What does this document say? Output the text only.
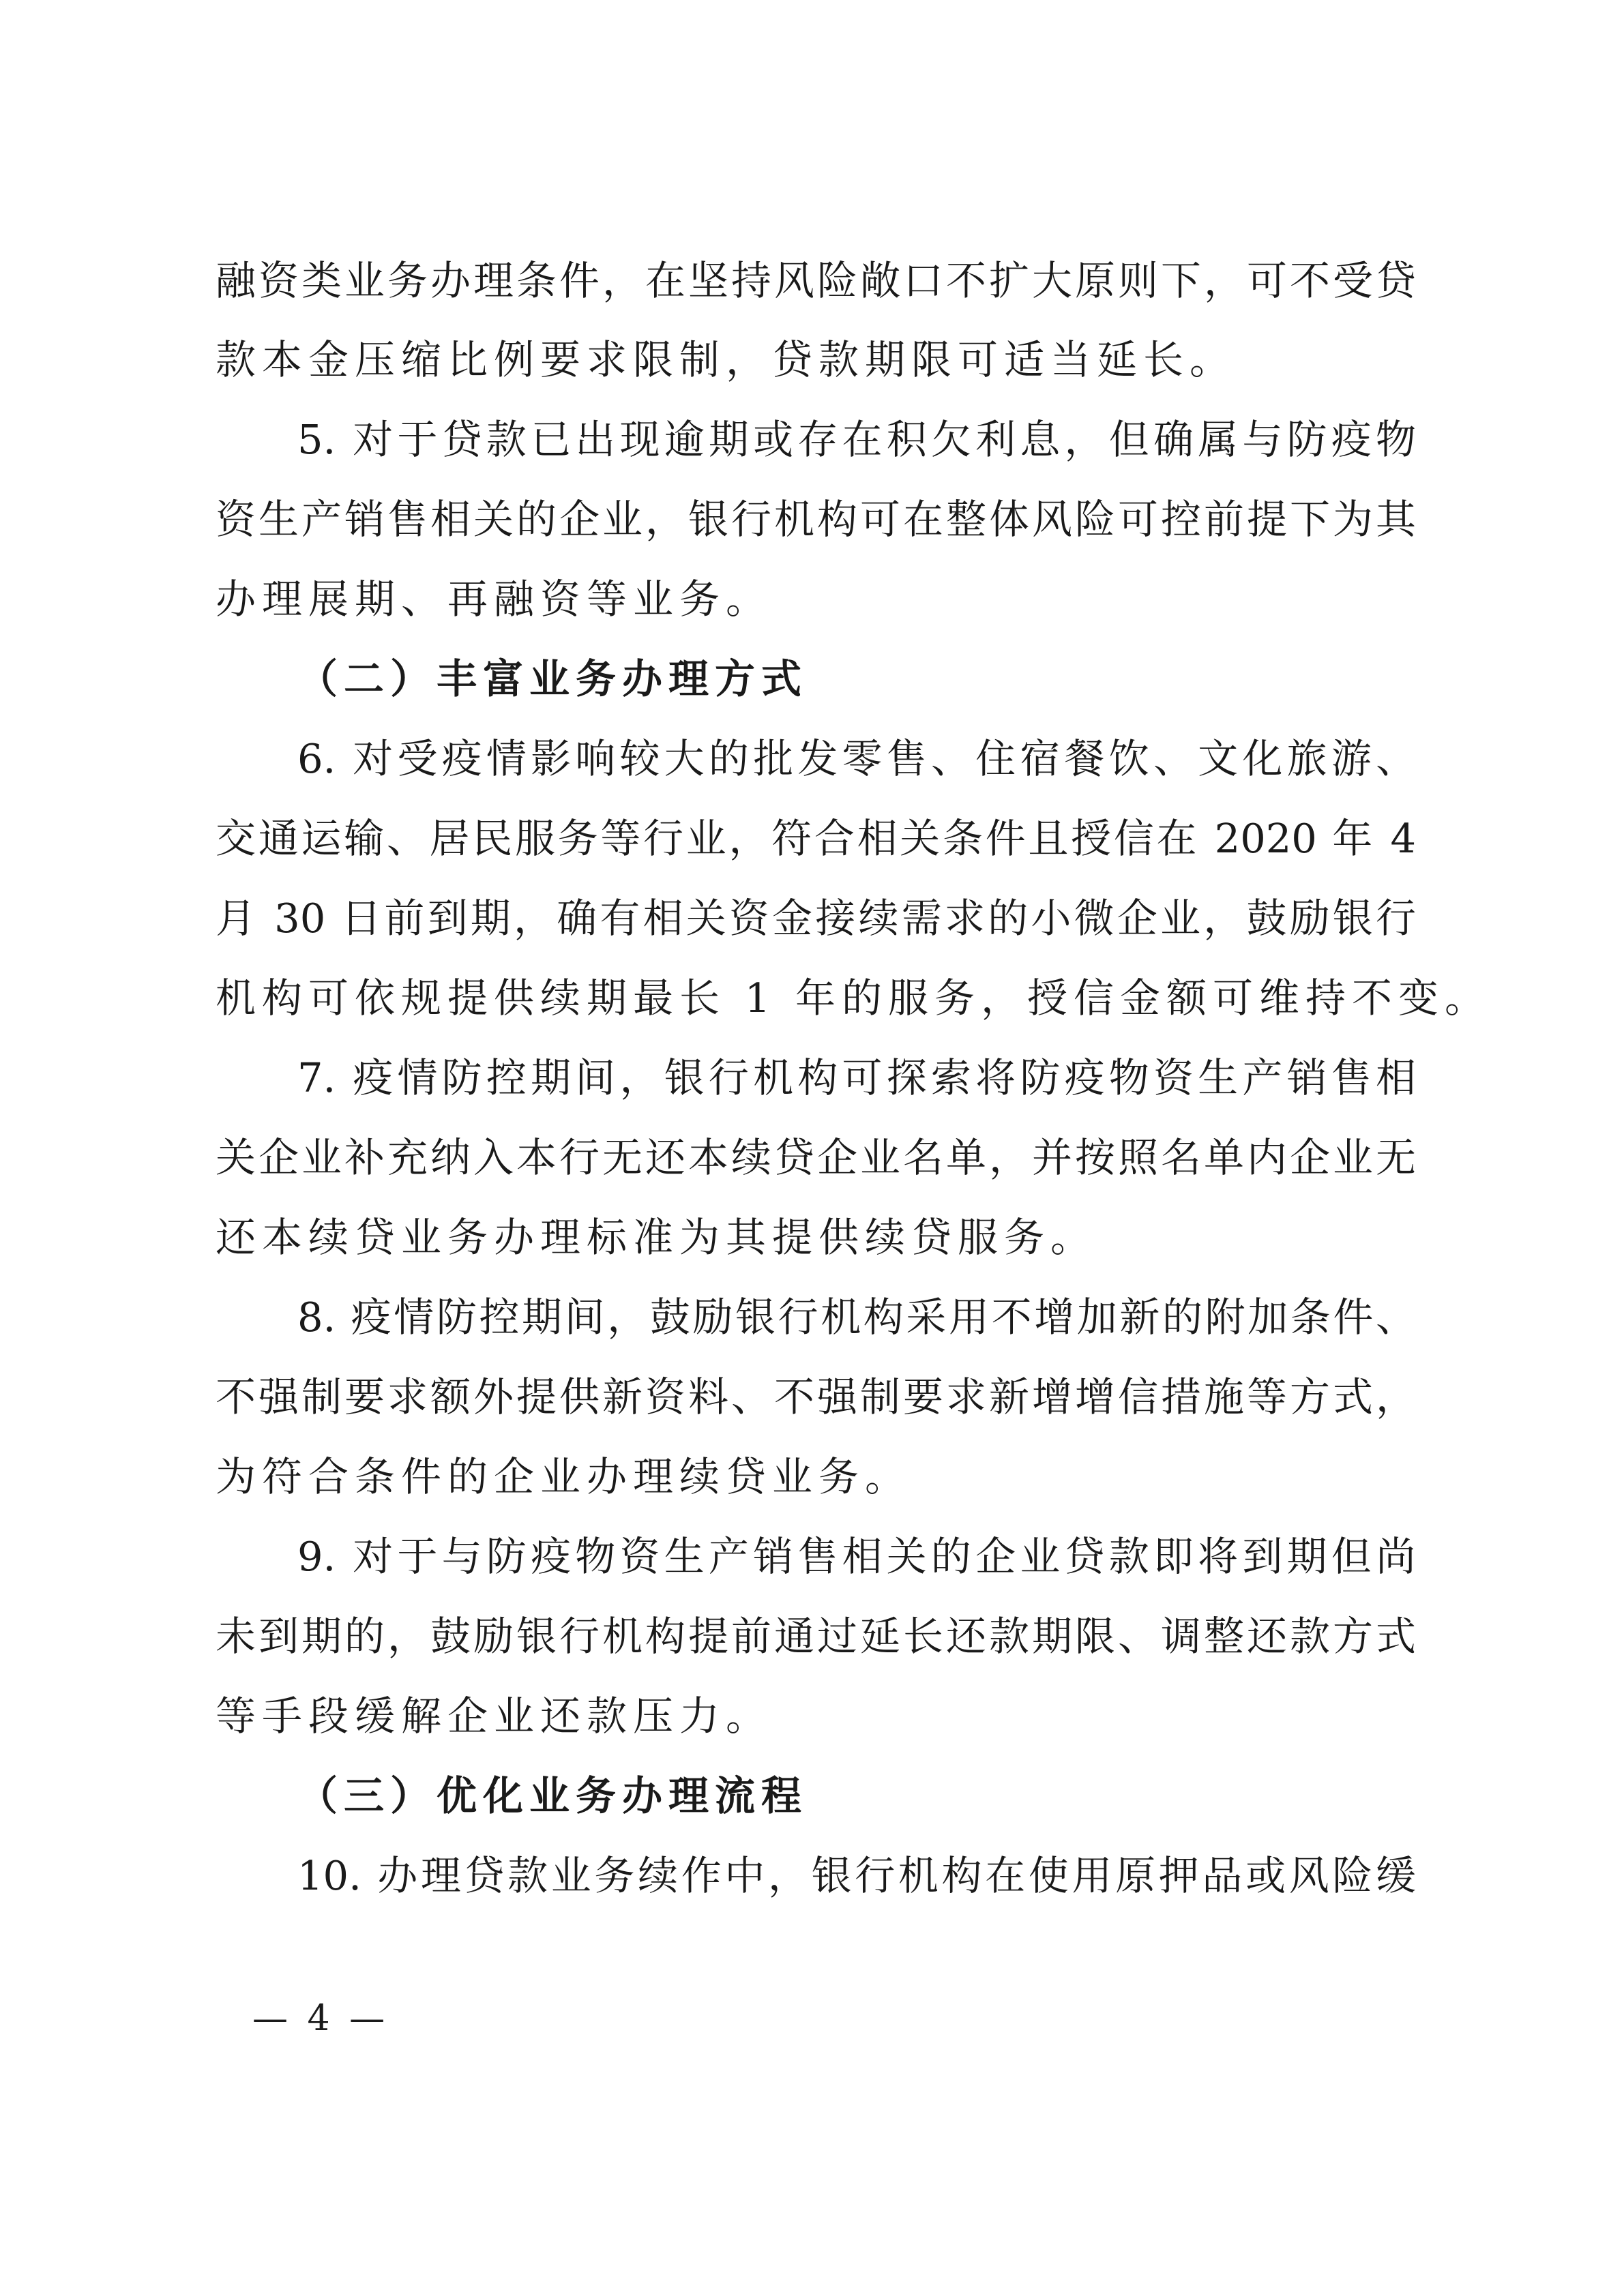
融资类业务办理条件，在坚持风险敞口不扩大原则下，可不受贷
款本金压缩比例要求限制，贷款期限可适当延长。
5. 对于贷款已出现逾期或存在积欠利息，但确属与防疫物
资生产销售相关的企业，银行机构可在整体风险可控前提下为其
办理展期、再融资等业务。
（二）丰富业务办理方式
6. 对受疫情影响较大的批发零售、住宿餐饮、文化旅游、
交通运输、居民服务等行业，符合相关条件且授信在 2020 年 4
月 30 日前到期，确有相关资金接续需求的小微企业，鼓励银行
机构可依规提供续期最长 1 年的服务，授信金额可维持不变。
7. 疫情防控期间，银行机构可探索将防疫物资生产销售相
关企业补充纳入本行无还本续贷企业名单，并按照名单内企业无
还本续贷业务办理标准为其提供续贷服务。
8. 疫情防控期间，鼓励银行机构采用不增加新的附加条件、
不强制要求额外提供新资料、不强制要求新增增信措施等方式，
为符合条件的企业办理续贷业务。
9. 对于与防疫物资生产销售相关的企业贷款即将到期但尚
未到期的，鼓励银行机构提前通过延长还款期限、调整还款方式
等手段缓解企业还款压力。
（三）优化业务办理流程
10. 办理贷款业务续作中，银行机构在使用原押品或风险缓
— 4 —
